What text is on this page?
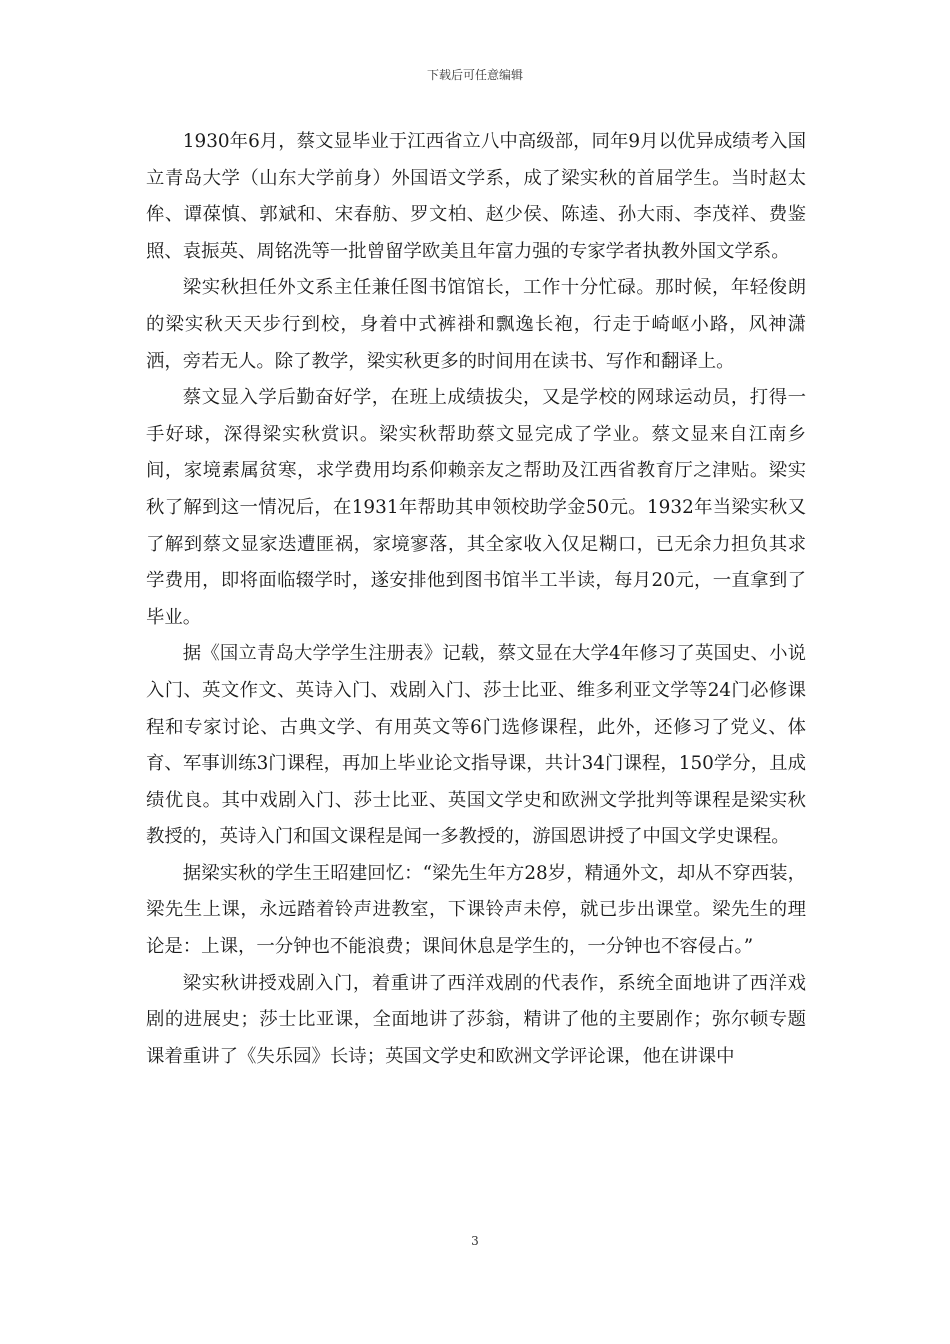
下载后可任意编辑

1930年6月，蔡文显毕业于江西省立八中高级部，同年9月以优异成绩考入国立青岛大学（山东大学前身）外国语文学系，成了梁实秋的首届学生。当时赵太侔、谭葆慎、郭斌和、宋春舫、罗文柏、赵少侯、陈逵、孙大雨、李茂祥、费鉴照、袁振英、周铭洗等一批曾留学欧美且年富力强的专家学者执教外国文学系。

梁实秋担任外文系主任兼任图书馆馆长，工作十分忙碌。那时候，年轻俊朗的梁实秋天天步行到校，身着中式裤褂和飘逸长袍，行走于崎岖小路，风神潇洒，旁若无人。除了教学，梁实秋更多的时间用在读书、写作和翻译上。

蔡文显入学后勤奋好学，在班上成绩拔尖，又是学校的网球运动员，打得一手好球，深得梁实秋赏识。梁实秋帮助蔡文显完成了学业。蔡文显来自江南乡间，家境素属贫寒，求学费用均系仰赖亲友之帮助及江西省教育厅之津贴。梁实秋了解到这一情况后，在1931年帮助其申领校助学金50元。1932年当梁实秋又了解到蔡文显家迭遭匪祸，家境寥落，其全家收入仅足糊口，已无余力担负其求学费用，即将面临辍学时，遂安排他到图书馆半工半读，每月20元，一直拿到了毕业。

据《国立青岛大学学生注册表》记载，蔡文显在大学4年修习了英国史、小说入门、英文作文、英诗入门、戏剧入门、莎士比亚、维多利亚文学等24门必修课程和专家讨论、古典文学、有用英文等6门选修课程，此外，还修习了党义、体育、军事训练3门课程，再加上毕业论文指导课，共计34门课程，150学分，且成绩优良。其中戏剧入门、莎士比亚、英国文学史和欧洲文学批判等课程是梁实秋教授的，英诗入门和国文课程是闻一多教授的，游国恩讲授了中国文学史课程。

据梁实秋的学生王昭建回忆：“梁先生年方28岁，精通外文，却从不穿西装，梁先生上课，永远踏着铃声进教室，下课铃声未停，就已步出课堂。梁先生的理论是：上课，一分钟也不能浪费；课间休息是学生的，一分钟也不容侵占。”

梁实秋讲授戏剧入门，着重讲了西洋戏剧的代表作，系统全面地讲了西洋戏剧的进展史；莎士比亚课，全面地讲了莎翁，精讲了他的主要剧作；弥尔顿专题课着重讲了《失乐园》长诗；英国文学史和欧洲文学评论课，他在讲课中

3
